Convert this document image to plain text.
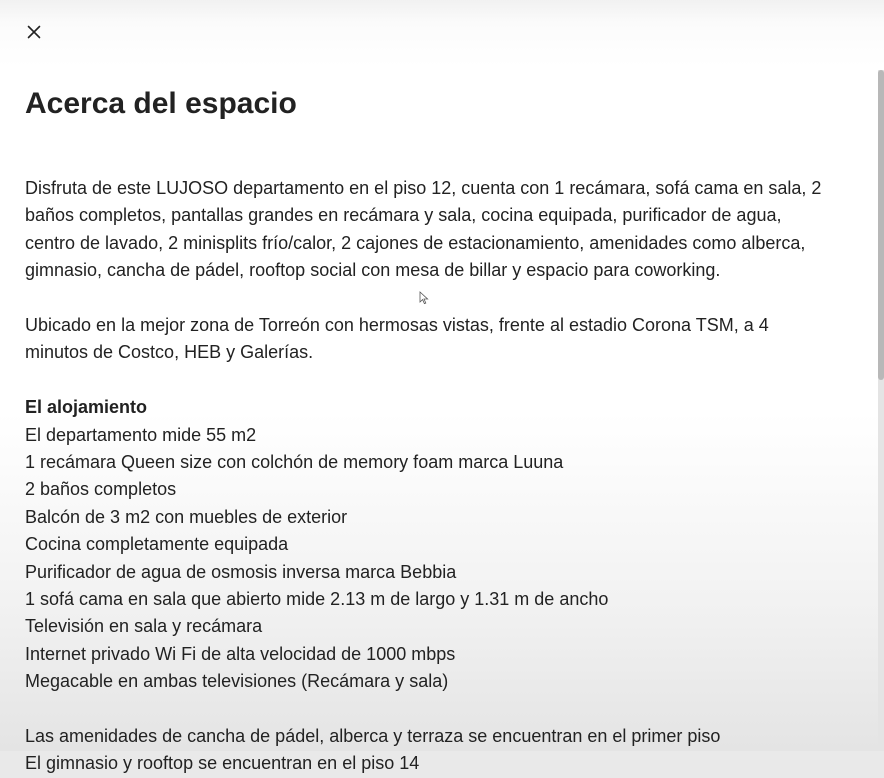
Acerca del espacio
Disfruta de este LUJOSO departamento en el piso 12, cuenta con 1 recámara, sofá cama en sala, 2
baños completos, pantallas grandes en recámara y sala, cocina equipada, purificador de agua,
centro de lavado, 2 minisplits frío/calor, 2 cajones de estacionamiento, amenidades como alberca,
gimnasio, cancha de pádel, rooftop social con mesa de billar y espacio para coworking.
Ubicado en la mejor zona de Torreón con hermosas vistas, frente al estadio Corona TSM, a 4
minutos de Costco, HEB y Galerías.
El alojamiento
El departamento mide 55 m2
1 recámara Queen size con colchón de memory foam marca Luuna
2 baños completos
Balcón de 3 m2 con muebles de exterior
Cocina completamente equipada
Purificador de agua de osmosis inversa marca Bebbia
1 sofá cama en sala que abierto mide 2.13 m de largo y 1.31 m de ancho
Televisión en sala y recámara
Internet privado Wi Fi de alta velocidad de 1000 mbps
Megacable en ambas televisiones (Recámara y sala)
Las amenidades de cancha de pádel, alberca y terraza se encuentran en el primer piso
El gimnasio y rooftop se encuentran en el piso 14
